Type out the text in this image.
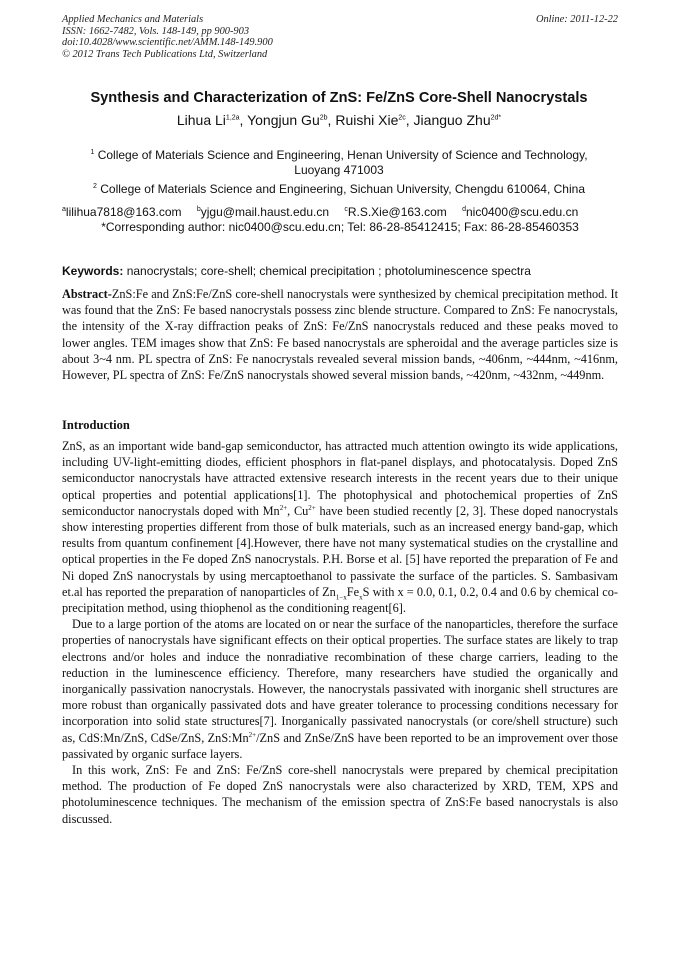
Applied Mechanics and Materials
ISSN: 1662-7482, Vols. 148-149, pp 900-903
doi:10.4028/www.scientific.net/AMM.148-149.900
© 2012 Trans Tech Publications Ltd, Switzerland
Online: 2011-12-22
Synthesis and Characterization of ZnS: Fe/ZnS Core-Shell Nanocrystals
Lihua $Li^{1,2a}$, Yongjun $Gu^{2b}$, Ruishi Xie$^{2c}$, Jianguo Zhu$^{2d*}$
$^1$ College of Materials Science and Engineering, Henan University of Science and Technology, Luoyang 471003
$^2$ College of Materials Science and Engineering, Sichuan University, Chengdu 610064, China
$^a$lilihua7818@163.com $^b$yjgu@mail.haust.edu.cn $^c$R.S.Xie@163.com $^d$nic0400@scu.edu.cn
*Corresponding author: nic0400@scu.edu.cn; Tel: 86-28-85412415; Fax: 86-28-85460353
Keywords: nanocrystals; core-shell; chemical precipitation ; photoluminescence spectra
Abstract-ZnS:Fe and ZnS:Fe/ZnS core-shell nanocrystals were synthesized by chemical precipitation method. It was found that the ZnS: Fe based nanocrystals possess zinc blende structure. Compared to ZnS: Fe nanocrystals, the intensity of the X-ray diffraction peaks of ZnS: Fe/ZnS nanocrystals reduced and these peaks moved to lower angles. TEM images show that ZnS: Fe based nanocrystals are spheroidal and the average particles size is about 3~4 nm. PL spectra of ZnS: Fe nanocrystals revealed several mission bands, ~406nm, ~444nm, ~416nm, However, PL spectra of ZnS: Fe/ZnS nanocrystals showed several mission bands, ~420nm, ~432nm, ~449nm.
Introduction

ZnS, as an important wide band-gap semiconductor, has attracted much attention owingto its wide applications, including UV-light-emitting diodes, efficient phosphors in flat-panel displays, and photocatalysis. Doped ZnS semiconductor nanocrystals have attracted extensive research interests in the recent years due to their unique optical properties and potential applications[1]. The photophysical and photochemical properties of ZnS semiconductor nanocrystals doped with $Mn^{2+}$, $Cu^{2+}$ have been studied recently [2, 3]. These doped nanocrystals show interesting properties different from those of bulk materials, such as an increased energy band-gap, which results from quantum confinement [4].However, there have not many systematical studies on the crystalline and optical properties in the Fe doped ZnS nanocrystals. P.H. Borse et al. [5] have reported the preparation of Fe and Ni doped ZnS nanocrystals by using mercaptoethanol to passivate the surface of the particles. S. Sambasivam et.al has reported the preparation of nanoparticles of $Zn_{1-x}Fe_xS$ with x = 0.0, 0.1, 0.2, 0.4 and 0.6 by chemical co-precipitation method, using thiophenol as the conditioning reagent[6].

Due to a large portion of the atoms are located on or near the surface of the nanoparticles, therefore the surface properties of nanocrystals have significant effects on their optical properties. The surface states are likely to trap electrons and/or holes and induce the nonradiative recombination of these charge carriers, leading to the reduction in the luminescence efficiency. Therefore, many researchers have studied the organically and inorganically passivation nanocrystals. However, the nanocrystals passivated with inorganic shell structures are more robust than organically passivated dots and have greater tolerance to processing conditions necessary for incorporation into solid state structures[7]. Inorganically passivated nanocrystals (or core/shell structure) such as, CdS:Mn/ZnS, CdSe/ZnS, $ZnS:Mn^{2+}$/ZnS and ZnSe/ZnS have been reported to be an improvement over those passivated by organic surface layers.

In this work, ZnS: Fe and ZnS: Fe/ZnS core-shell nanocrystals were prepared by chemical precipitation method. The production of Fe doped ZnS nanocrystals were also characterized by XRD, TEM, XPS and photoluminescence techniques. The mechanism of the emission spectra of ZnS:Fe based nanocrystals is also discussed.
